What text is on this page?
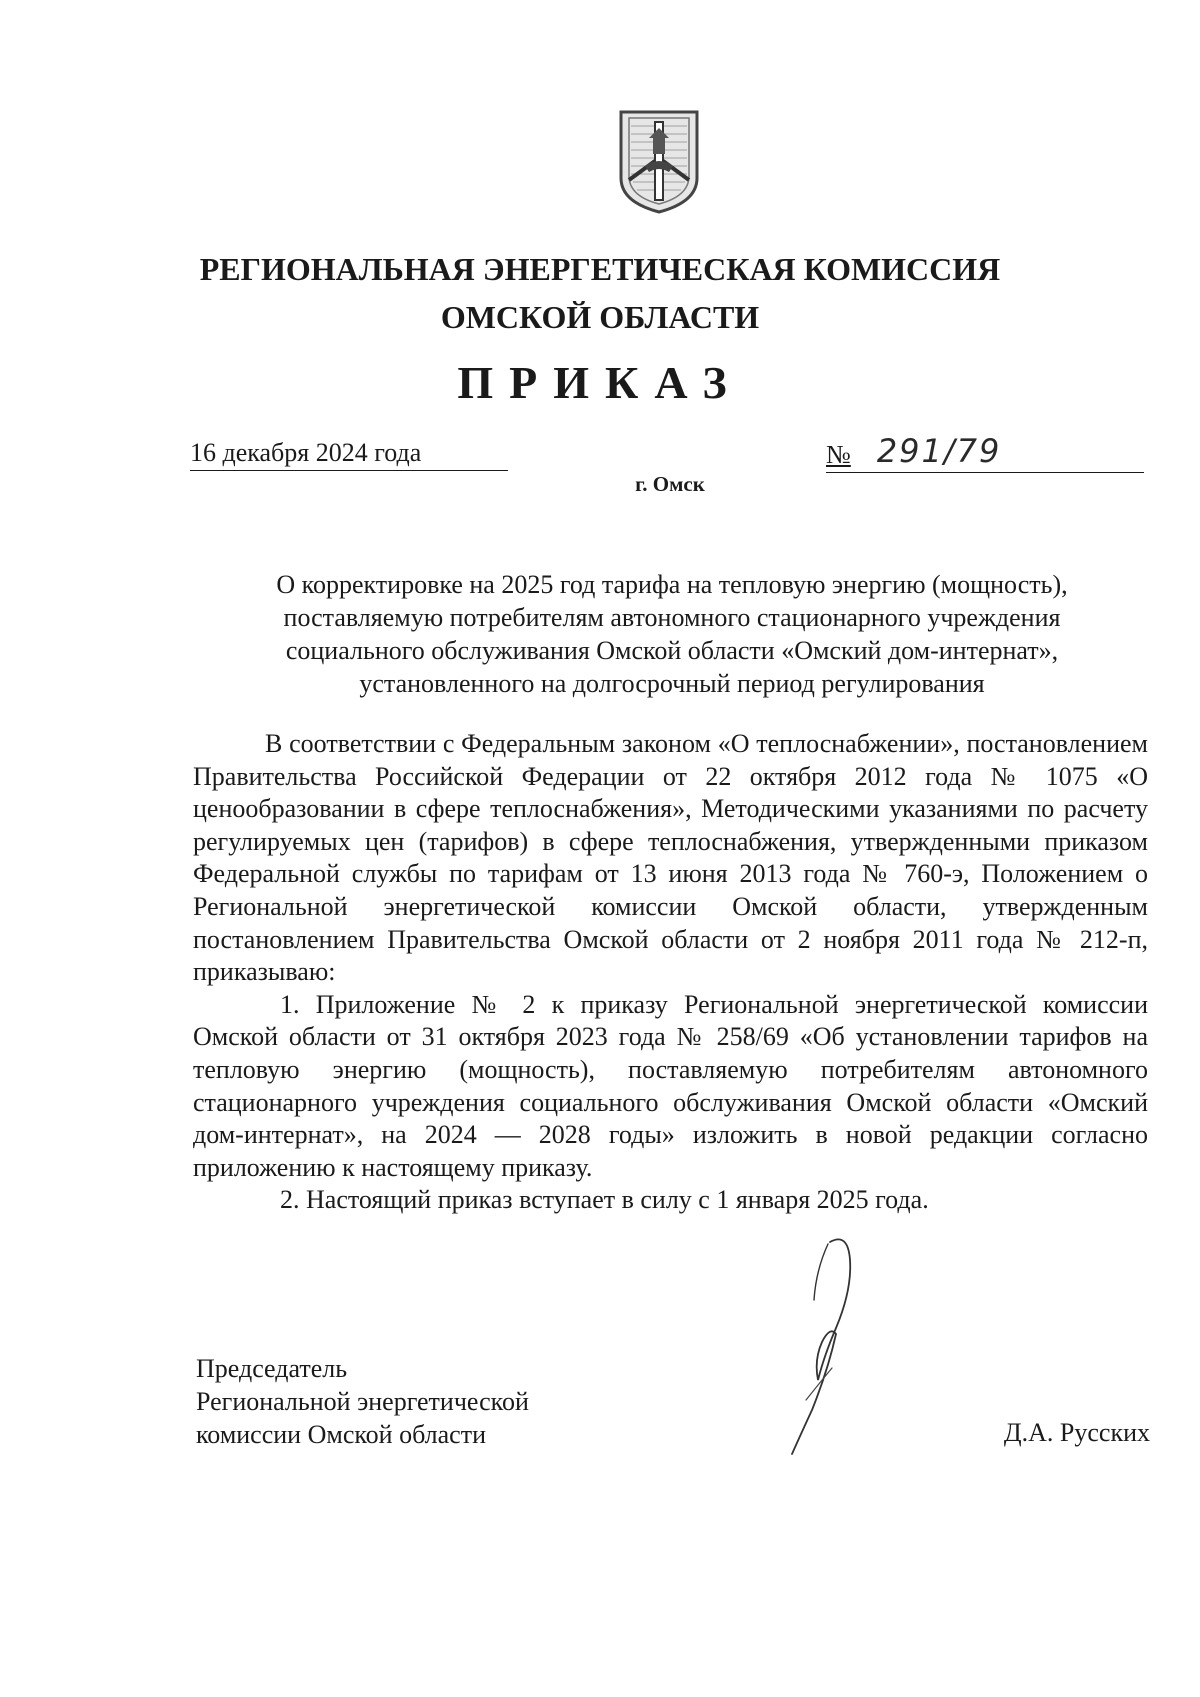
РЕГИОНАЛЬНАЯ ЭНЕРГЕТИЧЕСКАЯ КОМИССИЯ
ОМСКОЙ ОБЛАСТИ
ПРИКАЗ
16 декабря 2024 года	№ 291/79
г. Омск
О корректировке на 2025 год тарифа на тепловую энергию (мощность),
поставляемую потребителям автономного стационарного учреждения
социального обслуживания Омской области «Омский дом-интернат»,
установленного на долгосрочный период регулирования

В соответствии с Федеральным законом «О теплоснабжении», постановлением Правительства Российской Федерации от 22 октября 2012 года № 1075 «О ценообразовании в сфере теплоснабжения», Методическими указаниями по расчету регулируемых цен (тарифов) в сфере теплоснабжения, утвержденными приказом Федеральной службы по тарифам от 13 июня 2013 года № 760-э, Положением о Региональной энергетической комиссии Омской области, утвержденным постановлением Правительства Омской области от 2 ноября 2011 года № 212-п, приказываю:

1. Приложение № 2 к приказу Региональной энергетической комиссии Омской области от 31 октября 2023 года № 258/69 «Об установлении тарифов на тепловую энергию (мощность), поставляемую потребителям автономного стационарного учреждения социального обслуживания Омской области «Омский дом-интернат», на 2024 — 2028 годы» изложить в новой редакции согласно приложению к настоящему приказу.

2. Настоящий приказ вступает в силу с 1 января 2025 года.

Председатель
Региональной энергетической
комиссии Омской области	Д.А. Русских
